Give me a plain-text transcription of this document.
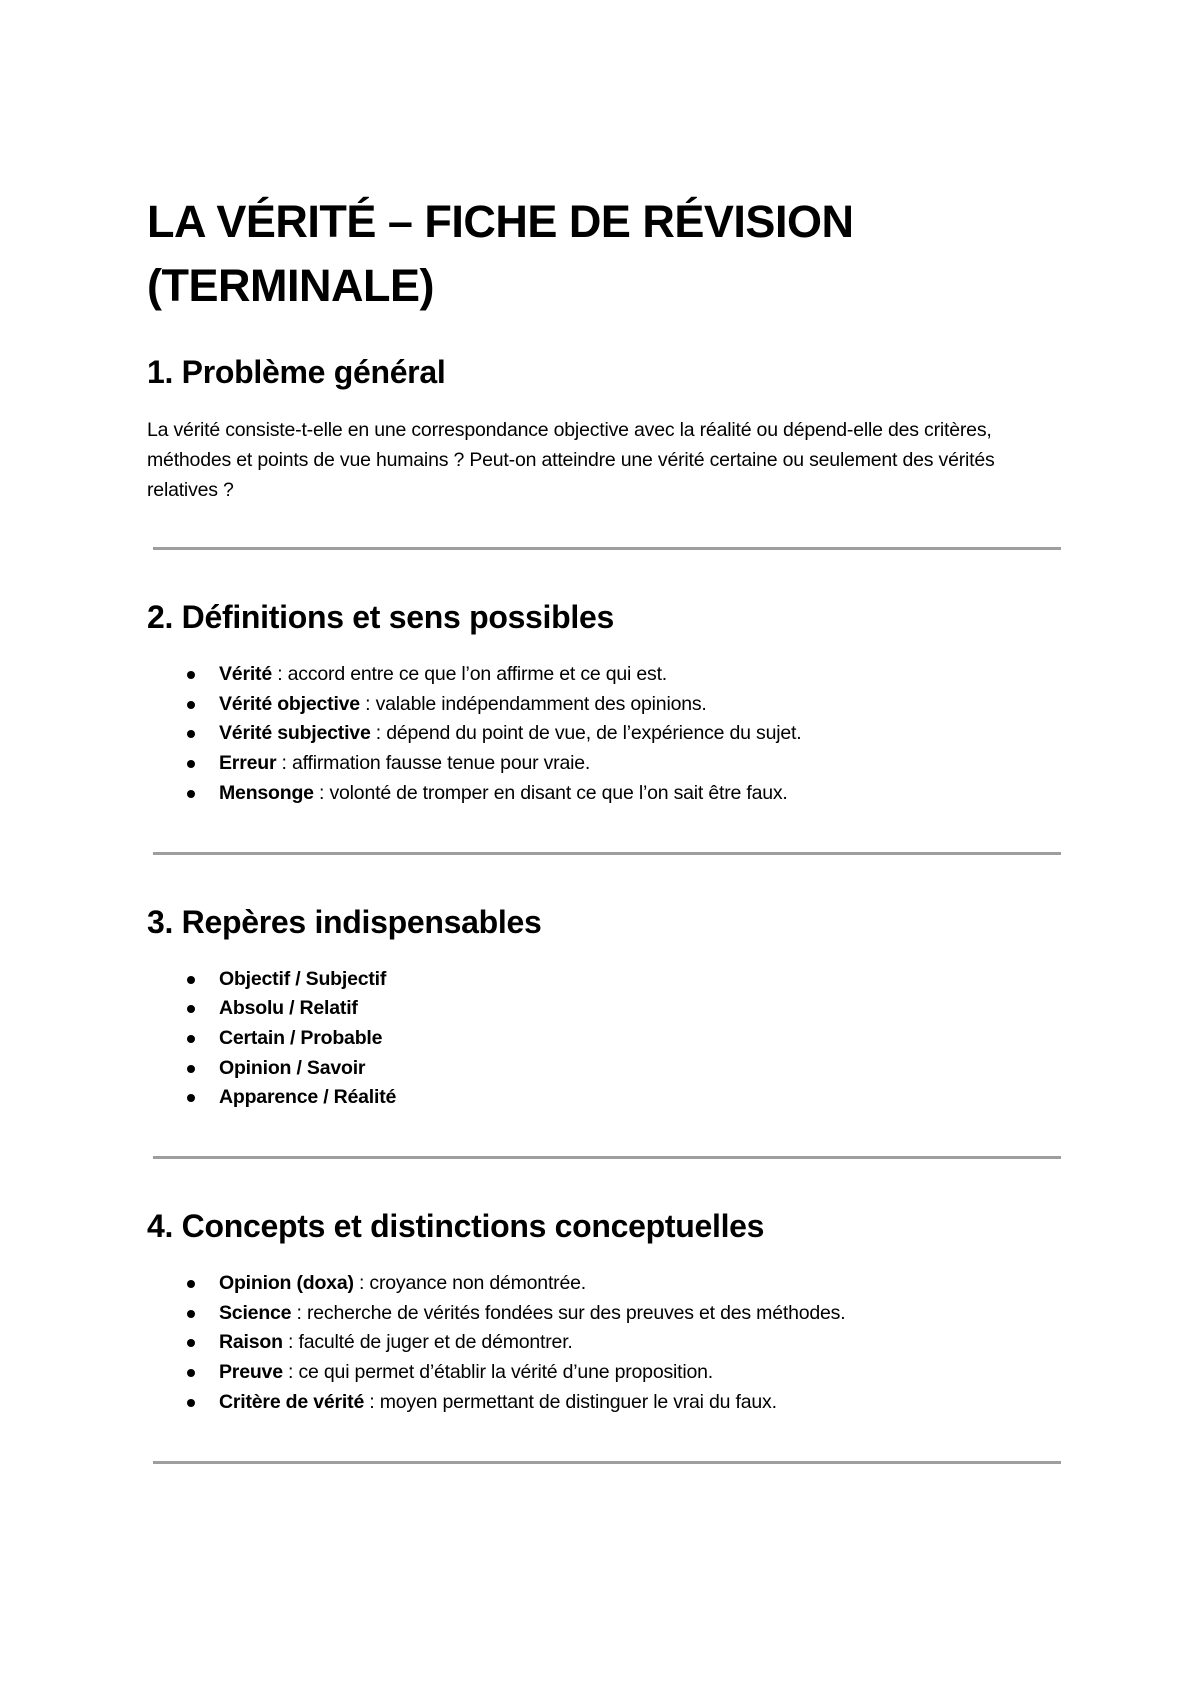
LA VÉRITÉ – FICHE DE RÉVISION (TERMINALE)
1. Problème général

La vérité consiste-t-elle en une correspondance objective avec la réalité ou dépend-elle des critères, méthodes et points de vue humains ? Peut-on atteindre une vérité certaine ou seulement des vérités relatives ?

2. Définitions et sens possibles
Vérité : accord entre ce que l’on affirme et ce qui est.
Vérité objective : valable indépendamment des opinions.
Vérité subjective : dépend du point de vue, de l’expérience du sujet.
Erreur : affirmation fausse tenue pour vraie.
Mensonge : volonté de tromper en disant ce que l’on sait être faux.
3. Repères indispensables
Objectif / Subjectif
Absolu / Relatif
Certain / Probable
Opinion / Savoir
Apparence / Réalité
4. Concepts et distinctions conceptuelles
Opinion (doxa) : croyance non démontrée.
Science : recherche de vérités fondées sur des preuves et des méthodes.
Raison : faculté de juger et de démontrer.
Preuve : ce qui permet d’établir la vérité d’une proposition.
Critère de vérité : moyen permettant de distinguer le vrai du faux.
